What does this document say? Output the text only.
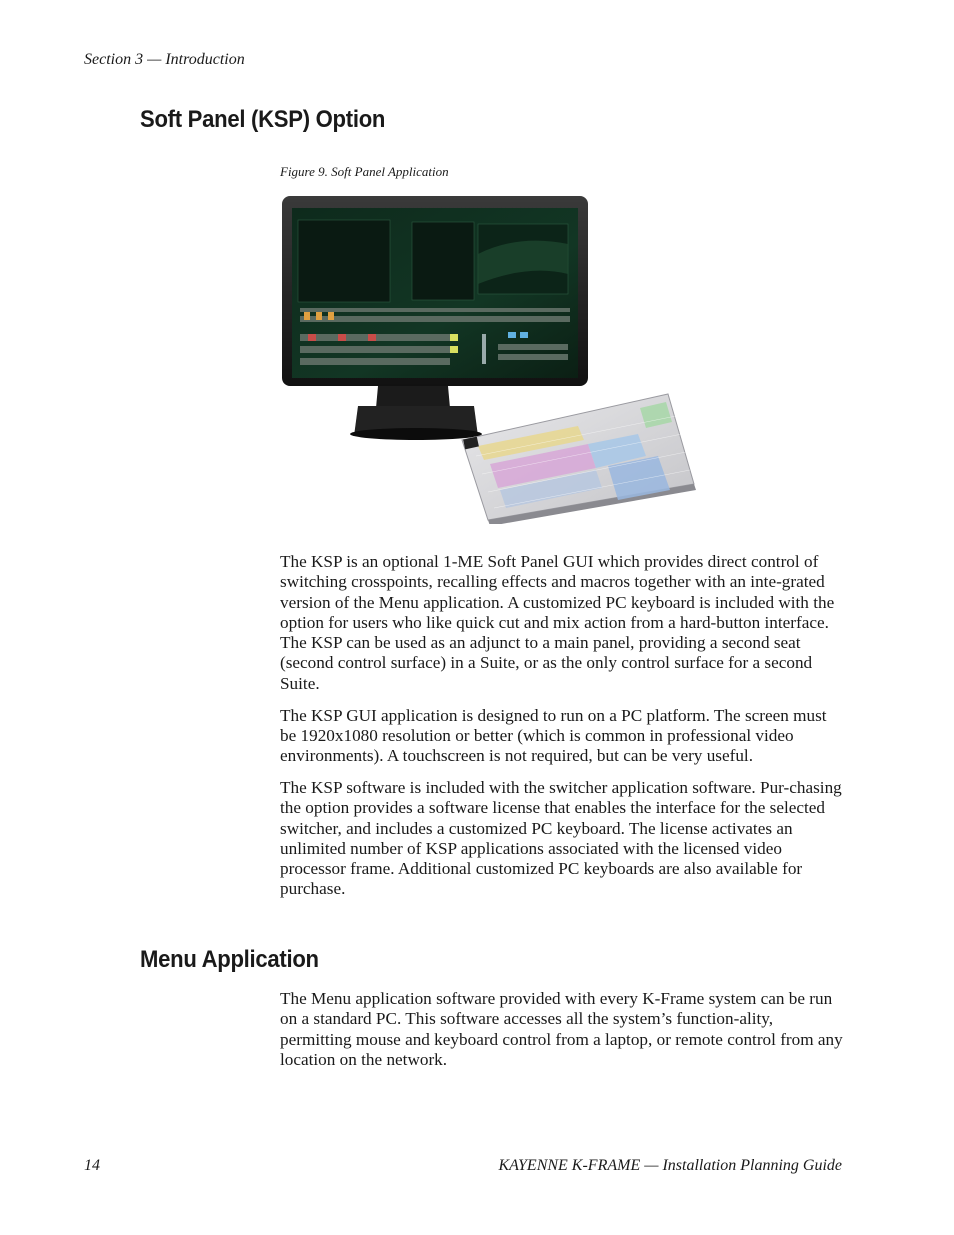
Section 3 — Introduction
Soft Panel (KSP) Option
Figure 9. Soft Panel Application

The KSP is an optional 1-ME Soft Panel GUI which provides direct control of switching crosspoints, recalling effects and macros together with an inte-grated version of the Menu application. A customized PC keyboard is included with the option for users who like quick cut and mix action from a hard-button interface. The KSP can be used as an adjunct to a main panel, providing a second seat (second control surface) in a Suite, or as the only control surface for a second Suite.

The KSP GUI application is designed to run on a PC platform. The screen must be 1920x1080 resolution or better (which is common in professional video environments). A touchscreen is not required, but can be very useful.

The KSP software is included with the switcher application software. Pur-chasing the option provides a software license that enables the interface for the selected switcher, and includes a customized PC keyboard. The license activates an unlimited number of KSP applications associated with the licensed video processor frame. Additional customized PC keyboards are also available for purchase.

Menu Application

The Menu application software provided with every K-Frame system can be run on a standard PC. This software accesses all the system’s function-ality, permitting mouse and keyboard control from a laptop, or remote control from any location on the network.

14	KAYENNE K-FRAME — Installation Planning Guide
